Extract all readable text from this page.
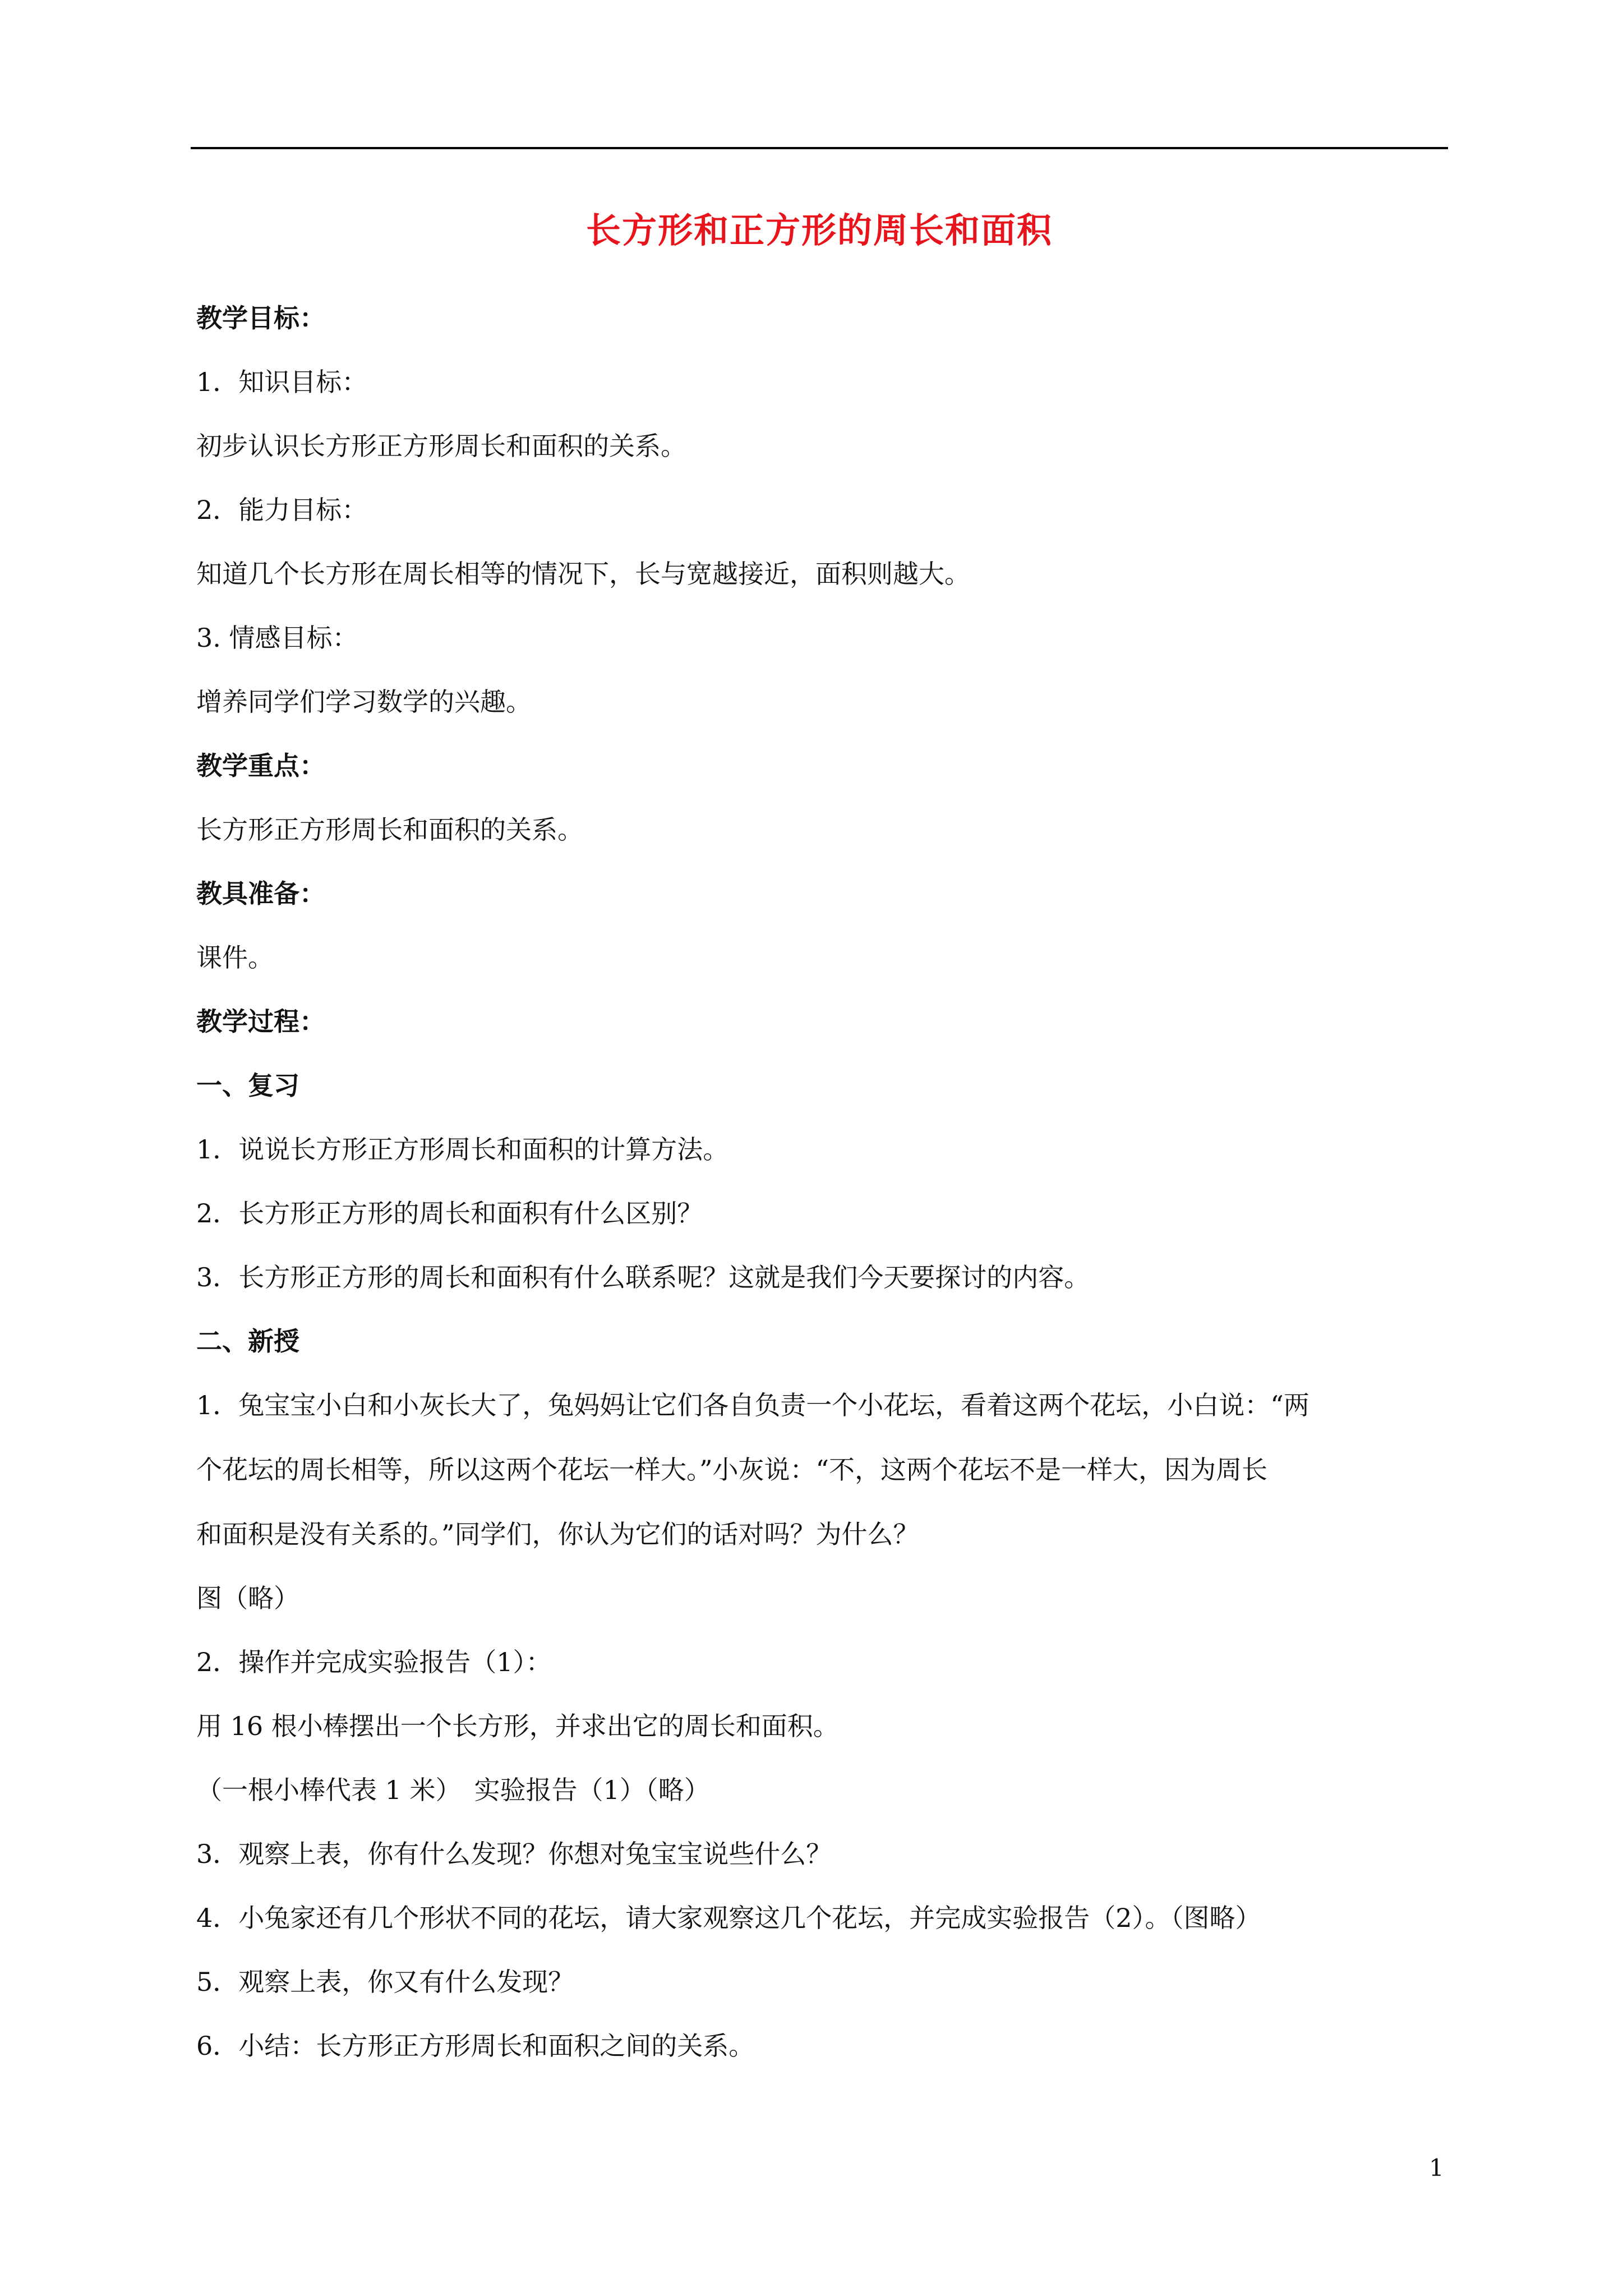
长方形和正方形的周长和面积
教学目标：
1．知识目标：
初步认识长方形正方形周长和面积的关系。
2．能力目标：
知道几个长方形在周长相等的情况下，长与宽越接近，面积则越大。
3. 情感目标：
增养同学们学习数学的兴趣。
教学重点：
长方形正方形周长和面积的关系。
教具准备：
课件。
教学过程：
一、复习
1．说说长方形正方形周长和面积的计算方法。
2．长方形正方形的周长和面积有什么区别？
3．长方形正方形的周长和面积有什么联系呢？这就是我们今天要探讨的内容。
二、新授
1．兔宝宝小白和小灰长大了，兔妈妈让它们各自负责一个小花坛，看着这两个花坛，小白说：“两
个花坛的周长相等，所以这两个花坛一样大。”小灰说：“不，这两个花坛不是一样大，因为周长
和面积是没有关系的。”同学们，你认为它们的话对吗？为什么？
图（略）
2．操作并完成实验报告（1）：
用 16 根小棒摆出一个长方形，并求出它的周长和面积。
（一根小棒代表 1 米）　实验报告（1）（略）
3．观察上表，你有什么发现？你想对兔宝宝说些什么？
4．小兔家还有几个形状不同的花坛，请大家观察这几个花坛，并完成实验报告（2）。（图略）
5．观察上表，你又有什么发现？
6．小结：长方形正方形周长和面积之间的关系。
1
